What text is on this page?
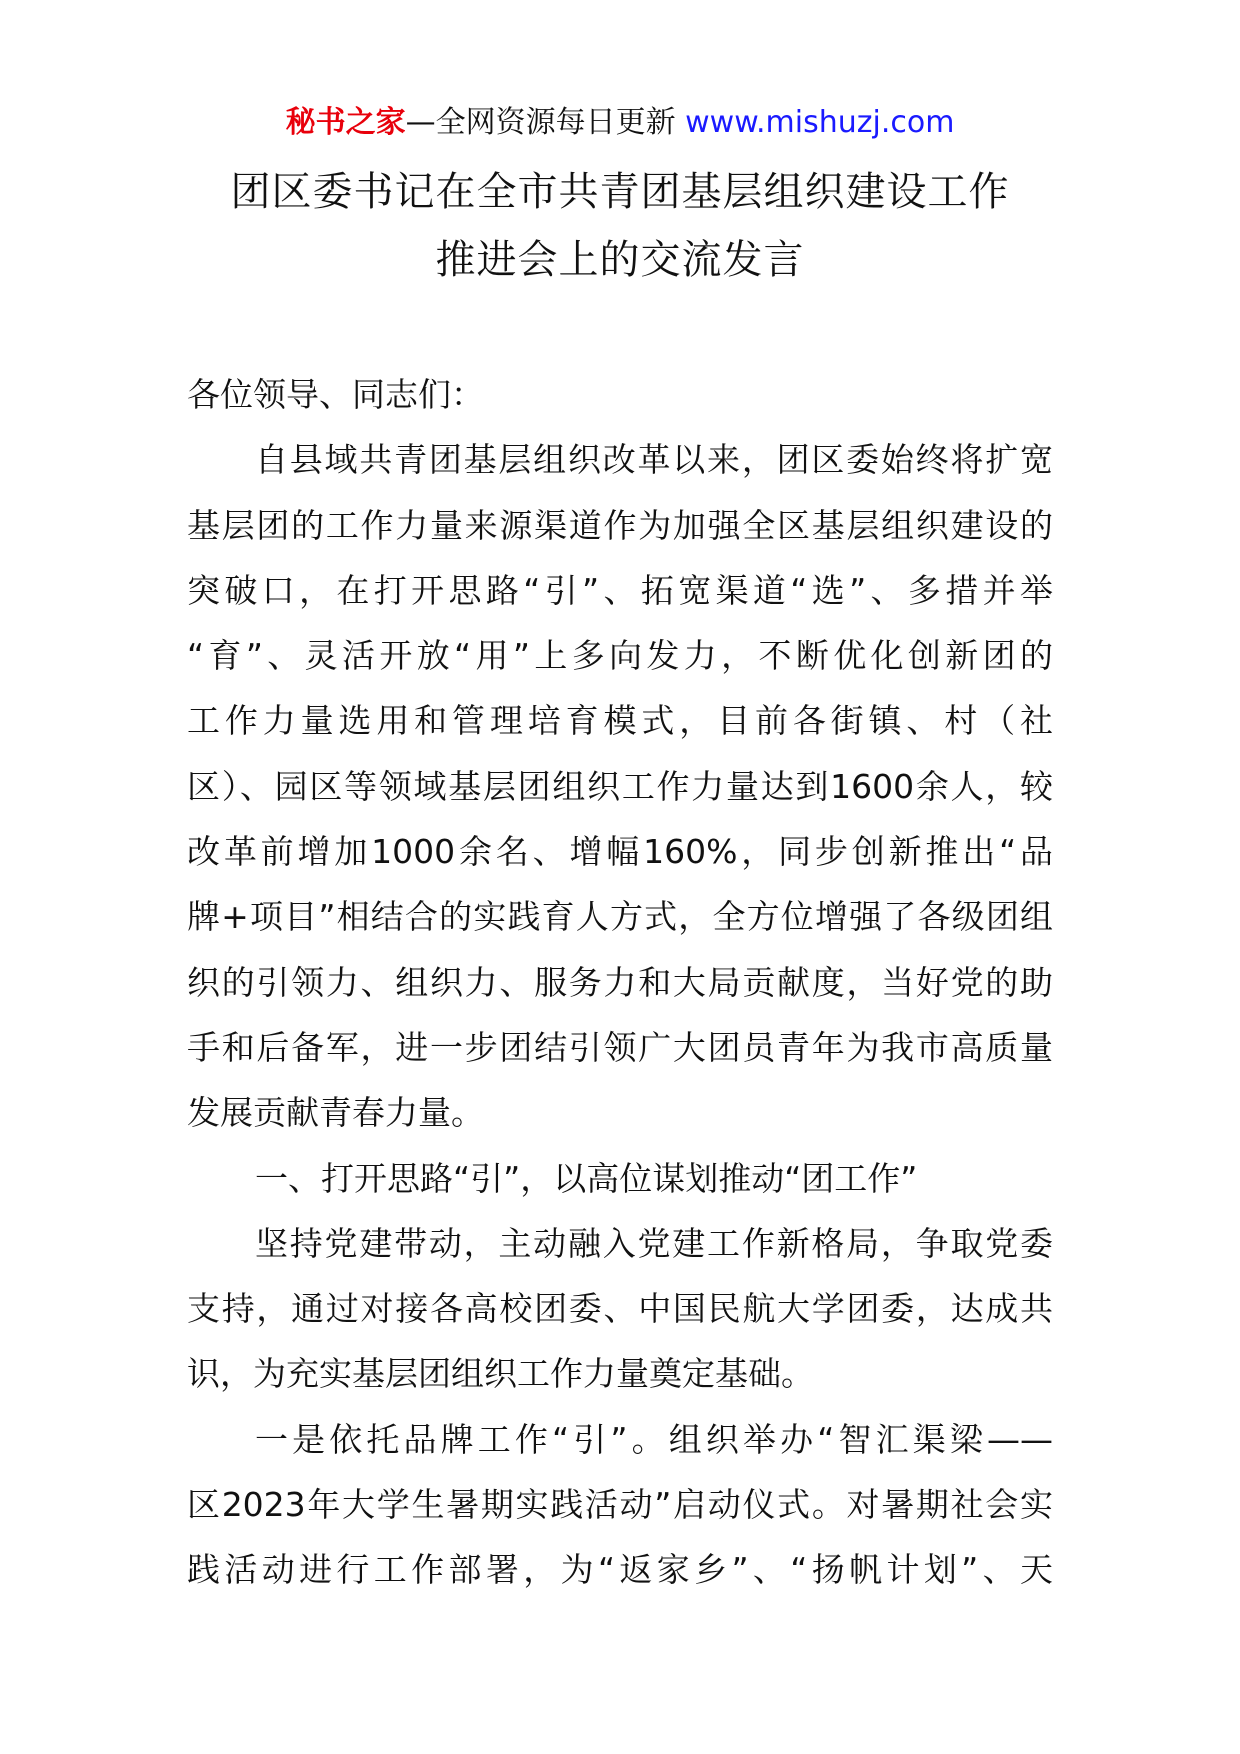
秘书之家—全网资源每日更新 www.mishuzj.com
团区委书记在全市共青团基层组织建设工作
推进会上的交流发言
各位领导、同志们：
自县域共青团基层组织改革以来，团区委始终将扩宽
基层团的工作力量来源渠道作为加强全区基层组织建设的
突破口，在打开思路“引”、拓宽渠道“选”、多措并举
“育”、灵活开放“用”上多向发力，不断优化创新团的
工作力量选用和管理培育模式，目前各街镇、村（社
区）、园区等领域基层团组织工作力量达到1600余人，较
改革前增加1000余名、增幅160%，同步创新推出“品
牌+项目”相结合的实践育人方式，全方位增强了各级团组
织的引领力、组织力、服务力和大局贡献度，当好党的助
手和后备军，进一步团结引领广大团员青年为我市高质量
发展贡献青春力量。
一、打开思路“引”，以高位谋划推动“团工作”
坚持党建带动，主动融入党建工作新格局，争取党委
支持，通过对接各高校团委、中国民航大学团委，达成共
识，为充实基层团组织工作力量奠定基础。
一是依托品牌工作“引”。组织举办“智汇渠梁——
区2023年大学生暑期实践活动”启动仪式。对暑期社会实
践活动进行工作部署，为“返家乡”、“扬帆计划”、天
